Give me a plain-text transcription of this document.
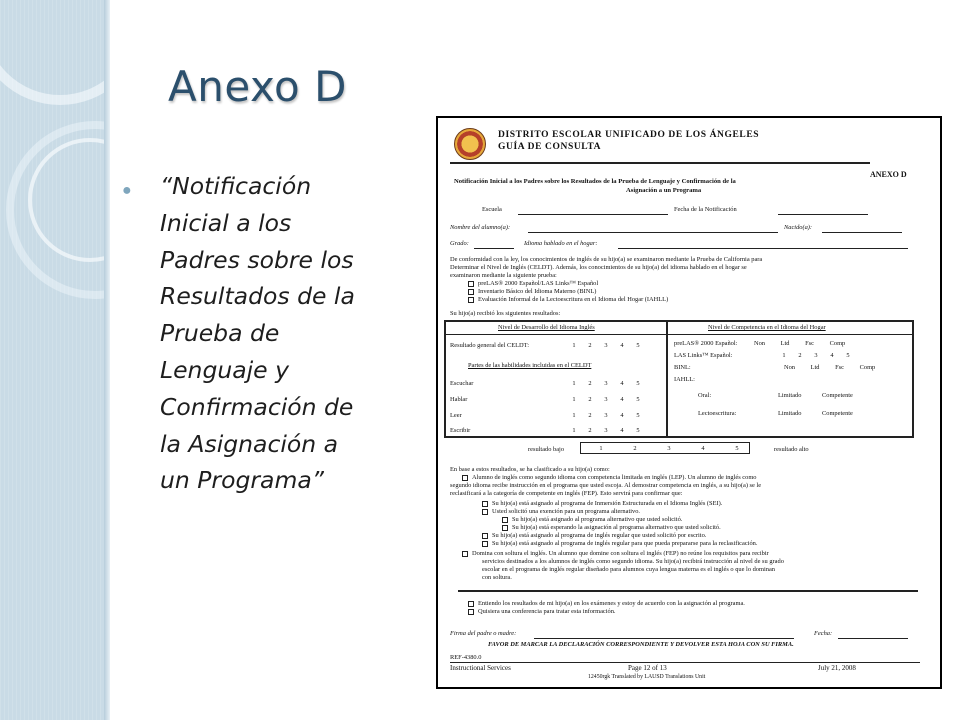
Anexo D
● “Notificación
Inicial a los
Padres sobre los
Resultados de la
Prueba de
Lenguaje y
Confirmación de
la Asignación a
un Programa”
DISTRITO ESCOLAR UNIFICADO DE LOS ÁNGELES
GUÍA DE CONSULTA
ANEXO D
Notificación Inicial a los Padres sobre los Resultados de la Prueba de Lenguaje y Confirmación de la
Asignación a un Programa
Escuela	Fecha de la Notificación
Nombre del alumno(a):	Nacido(a):
Grado:	Idioma hablado en el hogar:
De conformidad con la ley, los conocimientos de inglés de su hijo(a) se examinaron mediante la Prueba de California para
Determinar el Nivel de Inglés (CELDT). Además, los conocimientos de su hijo(a) del idioma hablado en el hogar se
examinaron mediante la siguiente prueba:
preLAS® 2000 Español/LAS Links™ Español
Inventario Básico del Idioma Materno (BINL)
Evaluación Informal de la Lectoescritura en el Idioma del Hogar (IAHLL)
Su hijo(a) recibió los siguientes resultados:
Nivel de Desarrollo del Idioma Inglés	Nivel de Competencia en el Idioma del Hogar
Resultado general del CELDT:	1 2 3 4 5
Partes de las habilidades incluidas en el CELDT
Escuchar	1 2 3 4 5
Hablar	1 2 3 4 5
Leer	1 2 3 4 5
Escribir	1 2 3 4 5
preLAS® 2000 Español:	Non Ltd Fsc Comp
LAS Links™ Español:	1 2 3 4 5
BINL:	Non Ltd Fsc Comp
IAHLL:
Oral:	Limitado	Competente
Lectoescritura:	Limitado	Competente
resultado bajo	1	2	3	4	5	resultado alto
En base a estos resultados, se ha clasificado a su hijo(a) como:
Alumno de inglés como segundo idioma con competencia limitada en inglés (LEP). Un alumno de inglés como
segundo idioma recibe instrucción en el programa que usted escoja. Al demostrar competencia en inglés, a su hijo(a) se le
reclasificará a la categoría de competente en inglés (FEP). Esto servirá para confirmar que:
Su hijo(a) está asignado al programa de Inmersión Estructurada en el Idioma Inglés (SEI).
Usted solicitó una exención para un programa alternativo.
Su hijo(a) está asignado al programa alternativo que usted solicitó.
Su hijo(a) está esperando la asignación al programa alternativo que usted solicitó.
Su hijo(a) está asignado al programa de inglés regular que usted solicitó por escrito.
Su hijo(a) está asignado al programa de inglés regular para que pueda prepararse para la reclasificación.
Domina con soltura el inglés. Un alumno que domine con soltura el inglés (FEP) no reúne los requisitos para recibir
servicios destinados a los alumnos de inglés como segundo idioma. Su hijo(a) recibirá instrucción al nivel de su grado
escolar en el programa de inglés regular diseñado para alumnos cuya lengua materna es el inglés o que lo dominan
con soltura.
Entiendo los resultados de mi hijo(a) en los exámenes y estoy de acuerdo con la asignación al programa.
Quisiera una conferencia para tratar esta información.
Firma del padre o madre:	Fecha:
FAVOR DE MARCAR LA DECLARACIÓN CORRESPONDIENTE Y DEVOLVER ESTA HOJA CON SU FIRMA.
REF-4380.0
Instructional Services	Page 12 of 13	July 21, 2008
12450rgk Translated by LAUSD Translations Unit
